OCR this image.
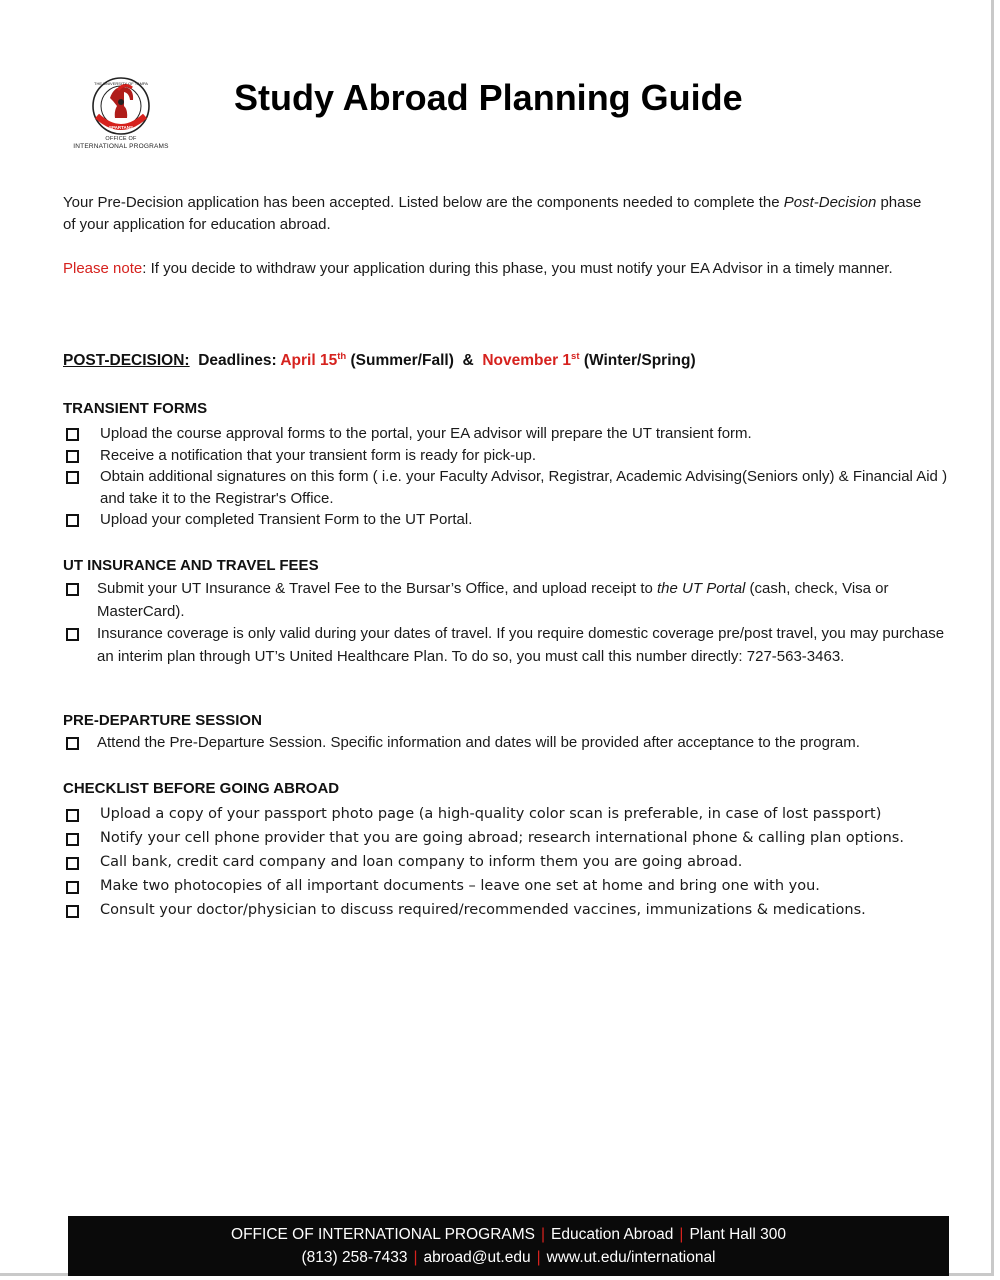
THE UNIVERSITY OF TAMPA
SPARTANS
OFFICE OF
INTERNATIONAL PROGRAMS
Study Abroad Planning Guide

Your Pre-Decision application has been accepted. Listed below are the components needed to complete the Post-Decision phase of your application for education abroad.

Please note: If you decide to withdraw your application during this phase, you must notify your EA Advisor in a timely manner.

POST-DECISION: Deadlines: April 15th (Summer/Fall) & November 1st (Winter/Spring)
TRANSIENT FORMS
Upload the course approval forms to the portal, your EA advisor will prepare the UT transient form.
Receive a notification that your transient form is ready for pick-up.
Obtain additional signatures on this form ( i.e. your Faculty Advisor, Registrar, Academic Advising(Seniors only) & Financial Aid ) and take it to the Registrar's Office.
Upload your completed Transient Form to the UT Portal.
UT INSURANCE AND TRAVEL FEES
Submit your UT Insurance & Travel Fee to the Bursar’s Office, and upload receipt to the UT Portal (cash, check, Visa or MasterCard).
Insurance coverage is only valid during your dates of travel. If you require domestic coverage pre/post travel, you may purchase an interim plan through UT’s United Healthcare Plan. To do so, you must call this number directly: 727-563-3463.
PRE-DEPARTURE SESSION
Attend the Pre-Departure Session. Specific information and dates will be provided after acceptance to the program.
CHECKLIST BEFORE GOING ABROAD
Upload a copy of your passport photo page (a high-quality color scan is preferable, in case of lost passport)
Notify your cell phone provider that you are going abroad; research international phone & calling plan options.
Call bank, credit card company and loan company to inform them you are going abroad.
Make two photocopies of all important documents – leave one set at home and bring one with you.
Consult your doctor/physician to discuss required/recommended vaccines, immunizations & medications.
OFFICE OF INTERNATIONAL PROGRAMS | Education Abroad | Plant Hall 300
(813) 258-7433 | abroad@ut.edu | www.ut.edu/international
